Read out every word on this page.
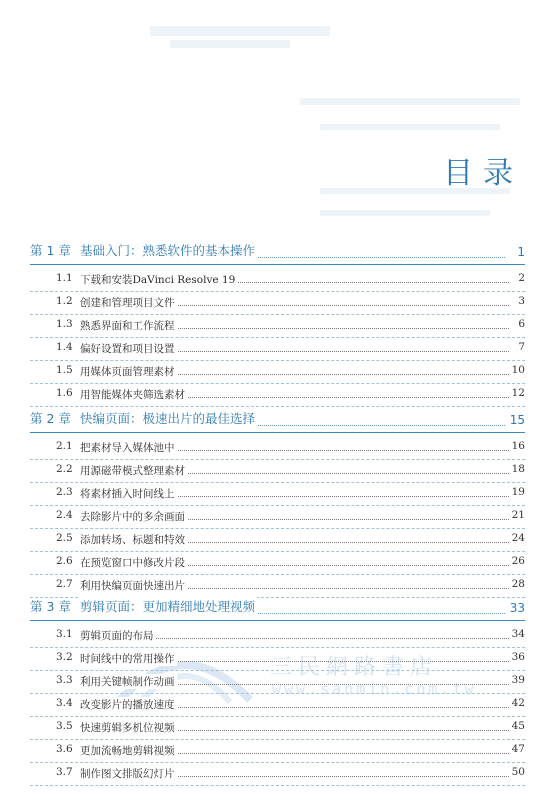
三民網路書店
www.sanmin.com.tw
目录
第 1 章 基础入门：熟悉软件的基本操作	1
1.1 下载和安装DaVinci Resolve 19	2
1.2 创建和管理项目文件	3
1.3 熟悉界面和工作流程	6
1.4 偏好设置和项目设置	7
1.5 用媒体页面管理素材	10
1.6 用智能媒体夹筛选素材	12
第 2 章 快编页面：极速出片的最佳选择	15
2.1 把素材导入媒体池中	16
2.2 用源磁带模式整理素材	18
2.3 将素材插入时间线上	19
2.4 去除影片中的多余画面	21
2.5 添加转场、标题和特效	24
2.6 在预览窗口中修改片段	26
2.7 利用快编页面快速出片	28
第 3 章 剪辑页面：更加精细地处理视频	33
3.1 剪辑页面的布局	34
3.2 时间线中的常用操作	36
3.3 利用关键帧制作动画	39
3.4 改变影片的播放速度	42
3.5 快速剪辑多机位视频	45
3.6 更加流畅地剪辑视频	47
3.7 制作图文排版幻灯片	50
